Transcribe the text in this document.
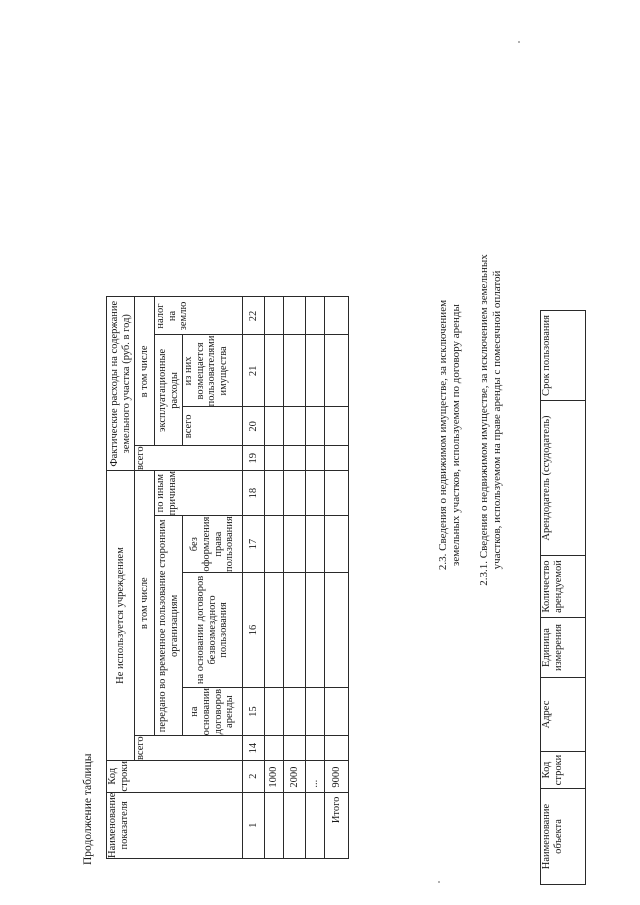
Продолжение таблицы Наименование показателя	Код строки	Не используется учреждением					Фактические расходы на содержание земельного участка (руб. в год)			
		всего	в том числе				всего	в том числе		
			передано во временное пользование сторонним организациям			по иным причинам		эксплуатационные расходы		налог на землю
			на основании договоров аренды	на основании договоров безвозмездного пользования	без оформления права пользования			всего	из них возмещается пользователями имущества	

1	2	14	15	16	17	18	19	20	21	22
	1000									
	2000									
	...									
Итого	9000									
2.3. Сведения о недвижимом имуществе, за исключением земельных участков, используемом по договору аренды 2.3.1. Сведения о недвижимом имуществе, за исключением земельных участков, используемом на праве аренды с помесячной оплатой
Наименование объекта	Код строки	Адрес	Единица измерения	Количество арендуемой	Арендодатель (ссудодатель)	Срок пользования
